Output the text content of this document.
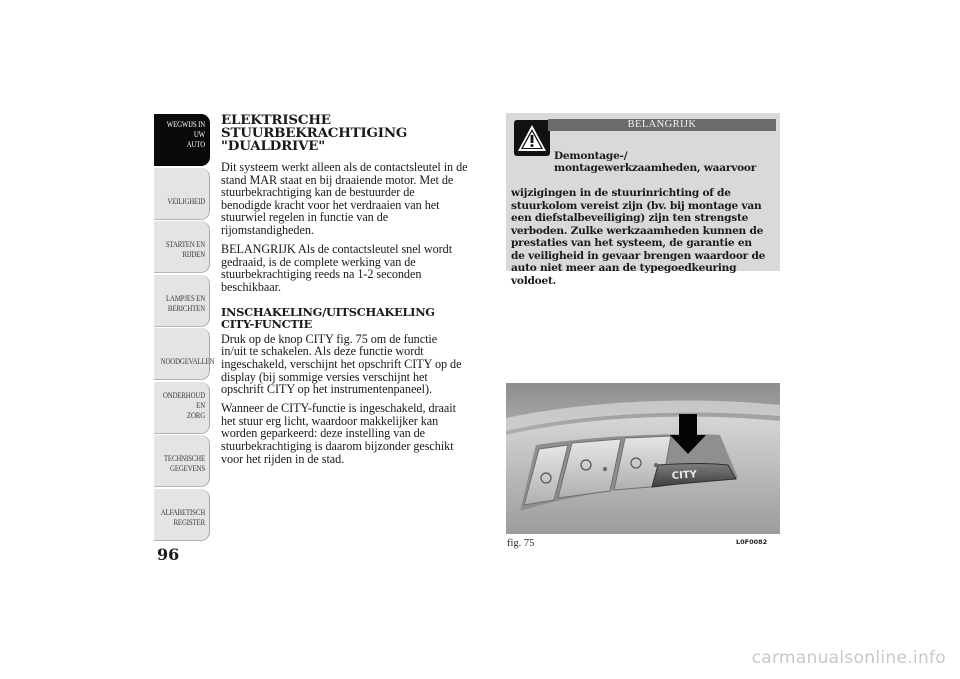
WEGWIJS IN UW
AUTO
VEILIGHEID
STARTEN EN
RIJDEN
LAMPJES EN
BERICHTEN
NOODGEVALLEN
ONDERHOUD EN
ZORG
TECHNISCHE
GEGEVENS
ALFABETISCH
REGISTER
96
ELEKTRISCHE
STUURBEKRACHTIGING
"DUALDRIVE"

Dit systeem werkt alleen als de contactsleutel in de
stand MAR staat en bij draaiende motor. Met de
stuurbekrachtiging kan de bestuurder de
benodigde kracht voor het verdraaien van het
stuurwiel regelen in functie van de
rijomstandigheden.

BELANGRIJK Als de contactsleutel snel wordt
gedraaid, is de complete werking van de
stuurbekrachtiging reeds na 1-2 seconden
beschikbaar.

INSCHAKELING/UITSCHAKELING
CITY-FUNCTIE

Druk op de knop CITY fig. 75 om de functie
in/uit te schakelen. Als deze functie wordt
ingeschakeld, verschijnt het opschrift CITY op de
display (bij sommige versies verschijnt het
opschrift CITY op het instrumentenpaneel).

Wanneer de CITY-functie is ingeschakeld, draait
het stuur erg licht, waardoor makkelijker kan
worden geparkeerd: deze instelling van de
stuurbekrachtiging is daarom bijzonder geschikt
voor het rijden in de stad.

BELANGRIJK

Demontage-/
montagewerkzaamheden, waarvoor

wijzigingen in de stuurinrichting of de
stuurkolom vereist zijn (bv. bij montage van
een diefstalbeveiliging) zijn ten strengste
verboden. Zulke werkzaamheden kunnen de
prestaties van het systeem, de garantie en
de veiligheid in gevaar brengen waardoor de
auto niet meer aan de typegoedkeuring
voldoet.

CITY
fig. 75	L0F0082
carmanualsonline.info
